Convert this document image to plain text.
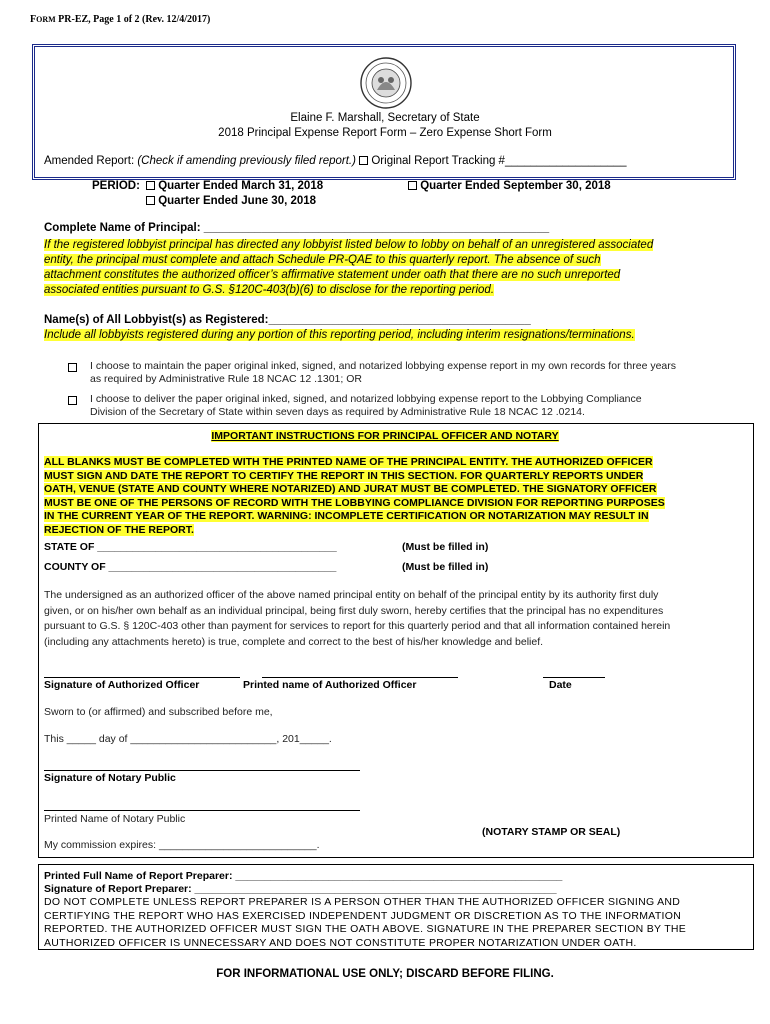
FORM PR-EZ, Page 1 of 2 (Rev. 12/4/2017)
Elaine F. Marshall, Secretary of State
2018 Principal Expense Report Form – Zero Expense Short Form
Amended Report: (Check if amending previously filed report.) Original Report Tracking #___________________
PERIOD:	Quarter Ended March 31, 2018
Quarter Ended June 30, 2018
Quarter Ended September 30, 2018
Complete Name of Principal: ______________________________________________________
If the registered lobbyist principal has directed any lobbyist listed below to lobby on behalf of an unregistered associated
entity, the principal must complete and attach Schedule PR-QAE to this quarterly report. The absence of such
attachment constitutes the authorized officer’s affirmative statement under oath that there are no such unreported
associated entities pursuant to G.S. §120C-403(b)(6) to disclose for the reporting period.
Name(s) of All Lobbyist(s) as Registered:_________________________________________
Include all lobbyists registered during any portion of this reporting period, including interim resignations/terminations.
I choose to maintain the paper original inked, signed, and notarized lobbying expense report in my own records for three years
as required by Administrative Rule 18 NCAC 12 .1301; OR
I choose to deliver the paper original inked, signed, and notarized lobbying expense report to the Lobbying Compliance
Division of the Secretary of State within seven days as required by Administrative Rule 18 NCAC 12 .0214.
IMPORTANT INSTRUCTIONS FOR PRINCIPAL OFFICER AND NOTARY
ALL BLANKS MUST BE COMPLETED WITH THE PRINTED NAME OF THE PRINCIPAL ENTITY. THE AUTHORIZED OFFICER
MUST SIGN AND DATE THE REPORT TO CERTIFY THE REPORT IN THIS SECTION. FOR QUARTERLY REPORTS UNDER
OATH, VENUE (STATE AND COUNTY WHERE NOTARIZED) AND JURAT MUST BE COMPLETED. THE SIGNATORY OFFICER
MUST BE ONE OF THE PERSONS OF RECORD WITH THE LOBBYING COMPLIANCE DIVISION FOR REPORTING PURPOSES
IN THE CURRENT YEAR OF THE REPORT. WARNING: INCOMPLETE CERTIFICATION OR NOTARIZATION MAY RESULT IN
REJECTION OF THE REPORT.
STATE OF _________________________________________	(Must be filled in)
COUNTY OF _______________________________________	(Must be filled in)
The undersigned as an authorized officer of the above named principal entity on behalf of the principal entity by its authority first duly
given, or on his/her own behalf as an individual principal, being first duly sworn, hereby certifies that the principal has no expenditures
pursuant to G.S. § 120C-403 other than payment for services to report for this quarterly period and that all information contained herein
(including any attachments hereto) is true, complete and correct to the best of his/her knowledge and belief.
Signature of Authorized Officer	Printed name of Authorized Officer	Date
Sworn to (or affirmed) and subscribed before me,
This _____ day of _________________________, 201_____.
Signature of Notary Public
Printed Name of Notary Public
(NOTARY STAMP OR SEAL)
My commission expires: ___________________________.
Printed Full Name of Report Preparer: ________________________________________________________
Signature of Report Preparer: ______________________________________________________________
DO NOT COMPLETE UNLESS REPORT PREPARER IS A PERSON OTHER THAN THE AUTHORIZED OFFICER SIGNING AND
CERTIFYING THE REPORT WHO HAS EXERCISED INDEPENDENT JUDGMENT OR DISCRETION AS TO THE INFORMATION
REPORTED. THE AUTHORIZED OFFICER MUST SIGN THE OATH ABOVE. SIGNATURE IN THE PREPARER SECTION BY THE
AUTHORIZED OFFICER IS UNNECESSARY AND DOES NOT CONSTITUTE PROPER NOTARIZATION UNDER OATH.
FOR INFORMATIONAL USE ONLY; DISCARD BEFORE FILING.
